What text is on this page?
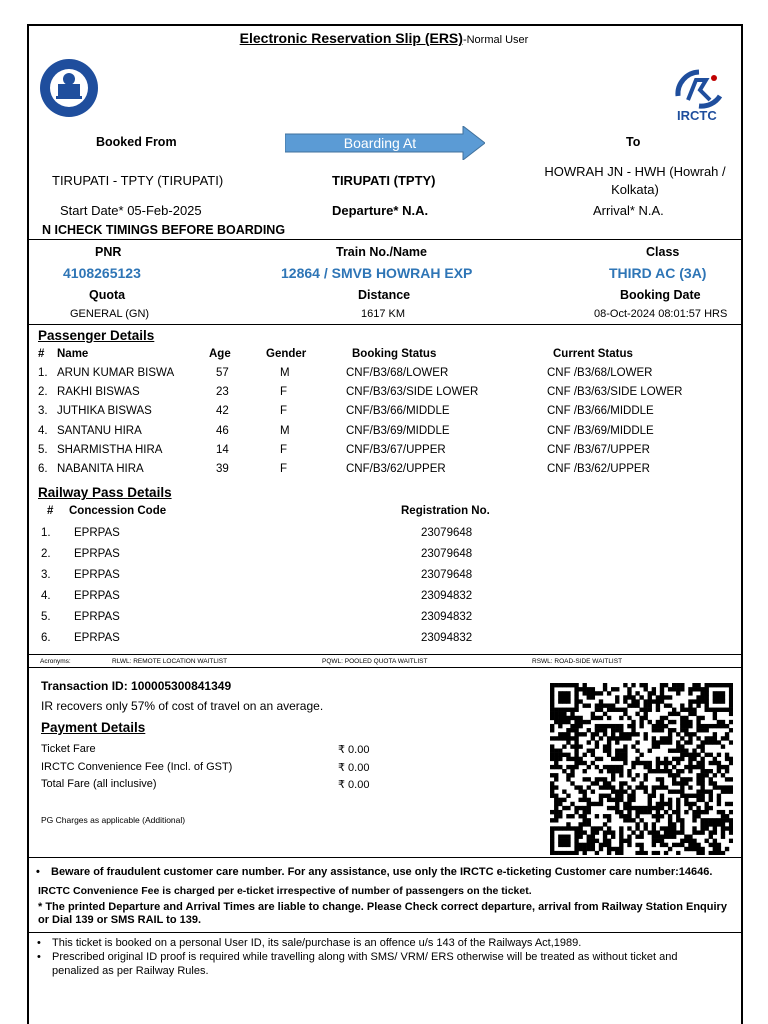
Electronic Reservation Slip (ERS)-Normal User
IRCTC
Booked From	Boarding At	To
TIRUPATI - TPTY (TIRUPATI)	TIRUPATI (TPTY)
HOWRAH JN - HWH (Howrah /
Kolkata)
Start Date* 05-Feb-2025	Departure* N.A.	Arrival* N.A.
N ICHECK TIMINGS BEFORE BOARDING
PNR	Train No./Name	Class
4108265123	12864 / SMVB HOWRAH EXP	THIRD AC (3A)
Quota	Distance	Booking Date
GENERAL (GN)	1617 KM	08-Oct-2024 08:01:57 HRS
Passenger Details
# Name	Age	Gender	Booking Status	Current Status
1. ARUN KUMAR BISWA	57	M	CNF/B3/68/LOWER	CNF /B3/68/LOWER
2. RAKHI BISWAS	23	F	CNF/B3/63/SIDE LOWER	CNF /B3/63/SIDE LOWER
3. JUTHIKA BISWAS	42	F	CNF/B3/66/MIDDLE	CNF /B3/66/MIDDLE
4. SANTANU HIRA	46	M	CNF/B3/69/MIDDLE	CNF /B3/69/MIDDLE
5. SHARMISTHA HIRA	14	F	CNF/B3/67/UPPER	CNF /B3/67/UPPER
6. NABANITA HIRA	39	F	CNF/B3/62/UPPER	CNF /B3/62/UPPER
Railway Pass Details
# Concession Code	Registration No.
1. EPRPAS	23079648
2. EPRPAS	23079648
3. EPRPAS	23079648
4. EPRPAS	23094832
5. EPRPAS	23094832
6. EPRPAS	23094832
Acronyms:	RLWL: REMOTE LOCATION WAITLIST	PQWL: POOLED QUOTA WAITLIST	RSWL: ROAD-SIDE WAITLIST
Transaction ID: 100005300841349
IR recovers only 57% of cost of travel on an average.
Payment Details
Ticket Fare	₹ 0.00
IRCTC Convenience Fee (Incl. of GST)	₹ 0.00
Total Fare (all inclusive)	₹ 0.00
PG Charges as applicable (Additional)
• Beware of fraudulent customer care number. For any assistance, use only the IRCTC e-ticketing Customer care number:14646.
IRCTC Convenience Fee is charged per e-ticket irrespective of number of passengers on the ticket.
* The printed Departure and Arrival Times are liable to change. Please Check correct departure, arrival from Railway Station Enquiry
or Dial 139 or SMS RAIL to 139.
• This ticket is booked on a personal User ID, its sale/purchase is an offence u/s 143 of the Railways Act,1989.
• Prescribed original ID proof is required while travelling along with SMS/ VRM/ ERS otherwise will be treated as without ticket and
penalized as per Railway Rules.
